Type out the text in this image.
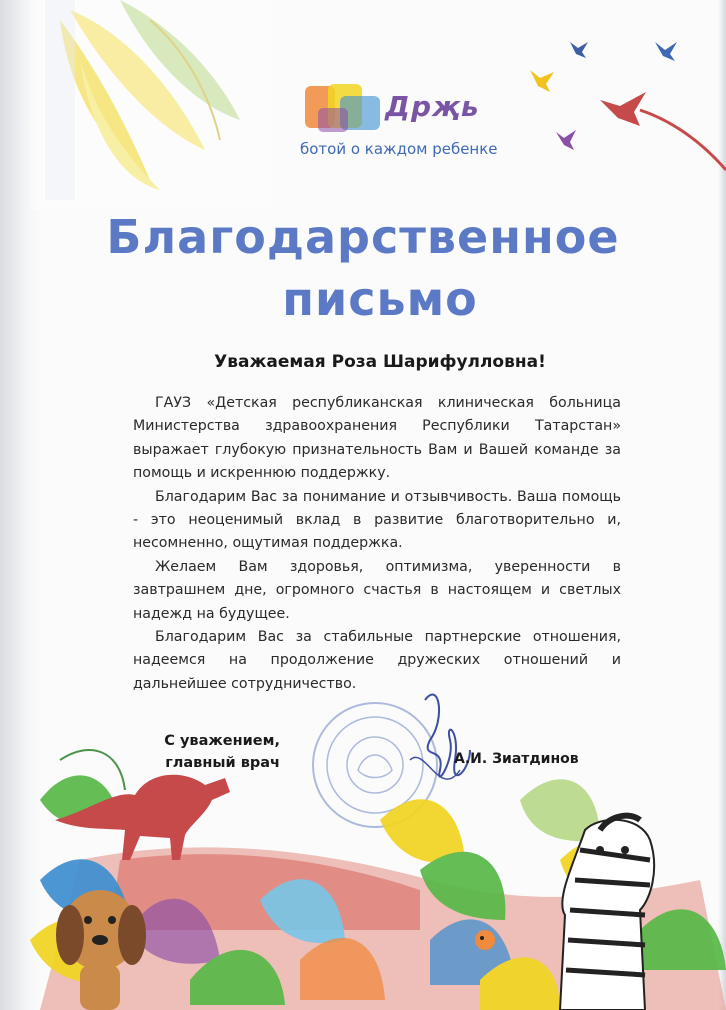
Дрҗь
ботой о каждом ребенке
Благодарственное
письмо
Уважаемая Роза Шарифулловна!

ГАУЗ «Детская республиканская клиническая больница Министерства здравоохранения Республики Татарстан» выражает глубокую признательность Вам и Вашей команде за помощь и искреннюю поддержку.

Благодарим Вас за понимание и отзывчивость. Ваша помощь - это неоценимый вклад в развитие благотворительно и, несомненно, ощутимая поддержка.

Желаем Вам здоровья, оптимизма, уверенности в завтрашнем дне, огромного счастья в настоящем и светлых надежд на будущее.

Благодарим Вас за стабильные партнерские отношения, надеемся на продолжение дружеских отношений и дальнейшее сотрудничество.

С уважением,
главный врач	А.И. Зиатдинов
